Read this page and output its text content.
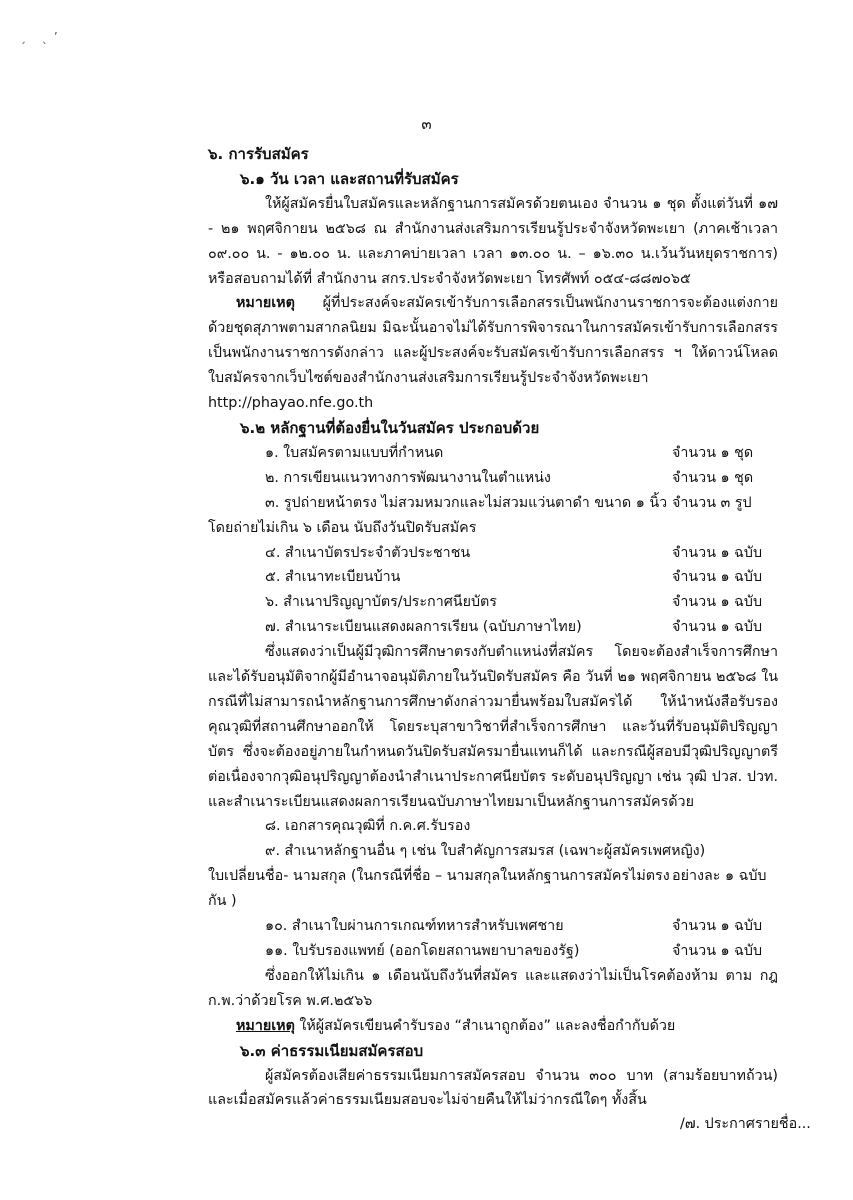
ˏ ˎ’
๓

๖. การรับสมัคร

๖.๑ วัน เวลา และสถานที่รับสมัคร

ให้ผู้สมัครยื่นใบสมัครและหลักฐานการสมัครด้วยตนเอง จำนวน ๑ ชุด ตั้งแต่วันที่ ๑๗ - ๒๑ พฤศจิกายน ๒๕๖๘ ณ สำนักงานส่งเสริมการเรียนรู้ประจำจังหวัดพะเยา (ภาคเช้าเวลา ๐๙.๐๐ น. - ๑๒.๐๐ น. และภาคบ่ายเวลา เวลา ๑๓.๐๐ น. – ๑๖.๓๐ น.เว้นวันหยุดราชการ) หรือสอบถามได้ที่ สำนักงาน สกร.ประจำจังหวัดพะเยา โทรศัพท์ ๐๕๔-๘๘๗๐๖๕

หมายเหตุ ผู้ที่ประสงค์จะสมัครเข้ารับการเลือกสรรเป็นพนักงานราชการจะต้องแต่งกายด้วยชุดสุภาพตามสากลนิยม มิฉะนั้นอาจไม่ได้รับการพิจารณาในการสมัครเข้ารับการเลือกสรรเป็นพนักงานราชการดังกล่าว และผู้ประสงค์จะรับสมัครเข้ารับการเลือกสรร ฯ ให้ดาวน์โหลดใบสมัครจากเว็บไซต์ของสำนักงานส่งเสริมการเรียนรู้ประจำจังหวัดพะเยา http://phayao.nfe.go.th

๖.๒ หลักฐานที่ต้องยื่นในวันสมัคร ประกอบด้วย

๑. ใบสมัครตามแบบที่กำหนด	จำนวน ๑ ชุด
๒. การเขียนแนวทางการพัฒนางานในตำแหน่ง	จำนวน ๑ ชุด
๓. รูปถ่ายหน้าตรง ไม่สวมหมวกและไม่สวมแว่นตาดำ ขนาด ๑ นิ้ว จำนวน ๓ รูป

โดยถ่ายไม่เกิน ๖ เดือน นับถึงวันปิดรับสมัคร

๔. สำเนาบัตรประจำตัวประชาชน	จำนวน ๑ ฉบับ
๕. สำเนาทะเบียนบ้าน	จำนวน ๑ ฉบับ
๖. สำเนาปริญญาบัตร/ประกาศนียบัตร	จำนวน ๑ ฉบับ
๗. สำเนาระเบียนแสดงผลการเรียน (ฉบับภาษาไทย)	จำนวน ๑ ฉบับ

ซึ่งแสดงว่าเป็นผู้มีวุฒิการศึกษาตรงกับตำแหน่งที่สมัคร โดยจะต้องสำเร็จการศึกษาและได้รับอนุมัติจากผู้มีอำนาจอนุมัติภายในวันปิดรับสมัคร คือ วันที่ ๒๑ พฤศจิกายน ๒๕๖๘ ในกรณีที่ไม่สามารถนำหลักฐานการศึกษาดังกล่าวมายื่นพร้อมใบสมัครได้ ให้นำหนังสือรับรองคุณวุฒิที่สถานศึกษาออกให้ โดยระบุสาขาวิชาที่สำเร็จการศึกษา และวันที่รับอนุมัติปริญญาบัตร ซึ่งจะต้องอยู่ภายในกำหนดวันปิดรับสมัครมายื่นแทนก็ได้ และกรณีผู้สอบมีวุฒิปริญญาตรีต่อเนื่องจากวุฒิอนุปริญญาต้องนำสำเนาประกาศนียบัตร ระดับอนุปริญญา เช่น วุฒิ ปวส. ปวท. และสำเนาระเบียนแสดงผลการเรียนฉบับภาษาไทยมาเป็นหลักฐานการสมัครด้วย

๘. เอกสารคุณวุฒิที่ ก.ค.ศ.รับรอง
๙. สำเนาหลักฐานอื่น ๆ เช่น ใบสำคัญการสมรส (เฉพาะผู้สมัครเพศหญิง)
ใบเปลี่ยนชื่อ- นามสกุล (ในกรณีที่ชื่อ – นามสกุลในหลักฐานการสมัครไม่ตรงกัน )
อย่างละ ๑ ฉบับ
๑๐. สำเนาใบผ่านการเกณฑ์ทหารสำหรับเพศชาย	จำนวน ๑ ฉบับ
๑๑. ใบรับรองแพทย์ (ออกโดยสถานพยาบาลของรัฐ)	จำนวน ๑ ฉบับ

ซึ่งออกให้ไม่เกิน ๑ เดือนนับถึงวันที่สมัคร และแสดงว่าไม่เป็นโรคต้องห้าม ตาม กฎ ก.พ.ว่าด้วยโรค พ.ศ.๒๕๖๖

หมายเหตุ ให้ผู้สมัครเขียนคำรับรอง “สำเนาถูกต้อง” และลงชื่อกำกับด้วย

๖.๓ ค่าธรรมเนียมสมัครสอบ

ผู้สมัครต้องเสียค่าธรรมเนียมการสมัครสอบ จำนวน ๓๐๐ บาท (สามร้อยบาทถ้วน) และเมื่อสมัครแล้วค่าธรรมเนียมสอบจะไม่จ่ายคืนให้ไม่ว่ากรณีใดๆ ทั้งสิ้น

/๗. ประกาศรายชื่อ...
